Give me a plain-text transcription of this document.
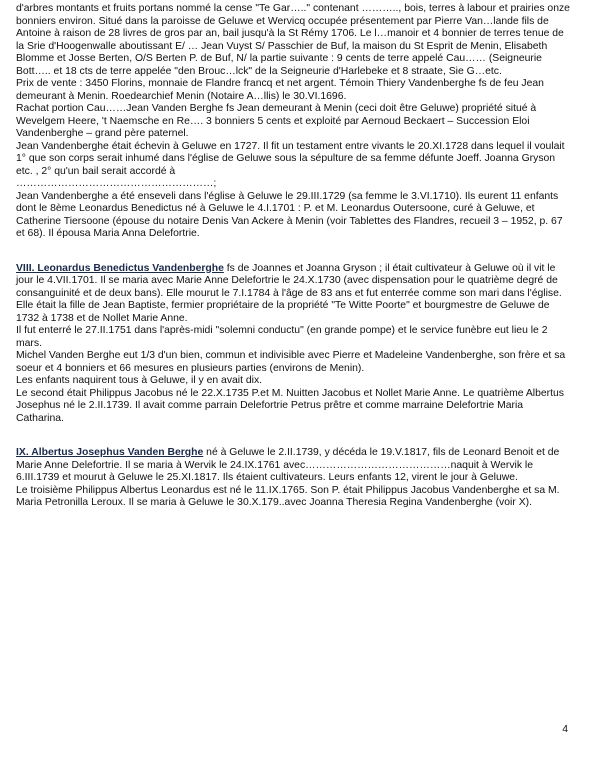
d'arbres montants et fruits portans nommé la cense "Te Gar….." contenant ……….., bois, terres à labour et prairies onze bonniers environ. Situé dans la paroisse de Geluwe et Wervicq occupée présentement par Pierre Van…lande fils de Antoine à raison de 28 livres de gros par an, bail jusqu'à la St Rémy 1706. Le l…manoir et 4 bonnier de terres tenue de la Srie d'Hoogenwalle aboutissant E/ … Jean Vuyst S/ Passchier de Buf, la maison du St Esprit de Menin, Elisabeth Blomme et Josse Berten, O/S Berten P. de Buf, N/ la partie suivante : 9 cents de terre appelé Cau…… (Seigneurie Bott….. et 18 cts de terre appelée "den Brouc…lck" de la Seigneurie d'Harlebeke et 8 straate, Sie G…etc.

Prix de vente : 3450 Florins, monnaie de Flandre francq et net argent. Témoin Thiery Vandenberghe fs de feu Jean demeurant à Menin. Roedearchief Menin (Notaire A…llis) le 30.VI.1696.

Rachat portion Cau……Jean Vanden Berghe fs Jean demeurant à Menin (ceci doit être Geluwe) propriété situé à Wevelgem Heere, 't Naemsche en Re…. 3 bonniers 5 cents et exploité par Aernoud Beckaert – Succession Eloi Vandenberghe – grand père paternel.

Jean Vandenberghe était échevin à Geluwe en 1727. Il fit un testament entre vivants le 20.XI.1728 dans lequel il voulait 1° que son corps serait inhumé dans l'église de Geluwe sous la sépulture de sa femme défunte Joeff. Joanna Gryson etc. , 2° qu'un bail serait accordé à

…………………………………………………;

Jean Vandenberghe a été enseveli dans l'église à Geluwe le 29.III.1729 (sa femme le 3.VI.1710). Ils eurent 11 enfants dont le 8ème Leonardus Benedictus né à Geluwe le 4.I.1701 : P. et M. Leonardus Outersoone, curé à Geluwe, et Catherine Tiersoone (épouse du notaire Denis Van Ackere à Menin (voir Tablettes des Flandres, recueil 3 – 1952, p. 67 et 68). Il épousa Maria Anna Delefortrie.

VIII. Leonardus Benedictus Vandenberghe fs de Joannes et Joanna Gryson ; il était cultivateur à Geluwe où il vit le jour le 4.VII.1701. Il se maria avec Marie Anne Delefortrie le 24.X.1730 (avec dispensation pour le quatrième degré de consanguinité et de deux bans). Elle mourut le 7.I.1784 à l'âge de 83 ans et fut enterrée comme son mari dans l'église. Elle était la fille de Jean Baptiste, fermier propriétaire de la propriété "Te Witte Poorte" et bourgmestre de Geluwe de 1732 à 1738 et de Nollet Marie Anne.

Il fut enterré le 27.II.1751 dans l'après-midi "solemni conductu" (en grande pompe) et le service funèbre eut lieu le 2 mars.

Michel Vanden Berghe eut 1/3 d'un bien, commun et indivisible avec Pierre et Madeleine Vandenberghe, son frère et sa soeur et 4 bonniers et 66 mesures en plusieurs parties (environs de Menin).

Les enfants naquirent tous à Geluwe, il y en avait dix.

Le second était Philippus Jacobus né le 22.X.1735 P.et M. Nuitten Jacobus et Nollet Marie Anne. Le quatrième Albertus Josephus né le 2.II.1739. Il avait comme parrain Delefortrie Petrus prêtre et comme marraine Delefortrie Maria Catharina.

IX. Albertus Josephus Vanden Berghe né à Geluwe le 2.II.1739, y décéda le 19.V.1817, fils de Leonard Benoit et de Marie Anne Delefortrie. Il se maria à Wervik le 24.IX.1761 avec……………………………………naquit à Wervik le 6.III.1739 et mourut à Geluwe le 25.XI.1817. Ils étaient cultivateurs. Leurs enfants 12, virent le jour à Geluwe.

Le troisième Philippus Albertus Leonardus est né le 11.IX.1765. Son P. était Philippus Jacobus Vandenberghe et sa M. Maria Petronilla Leroux. Il se maria à Geluwe le 30.X.179..avec Joanna Theresia Regina Vandenberghe (voir X).

4
